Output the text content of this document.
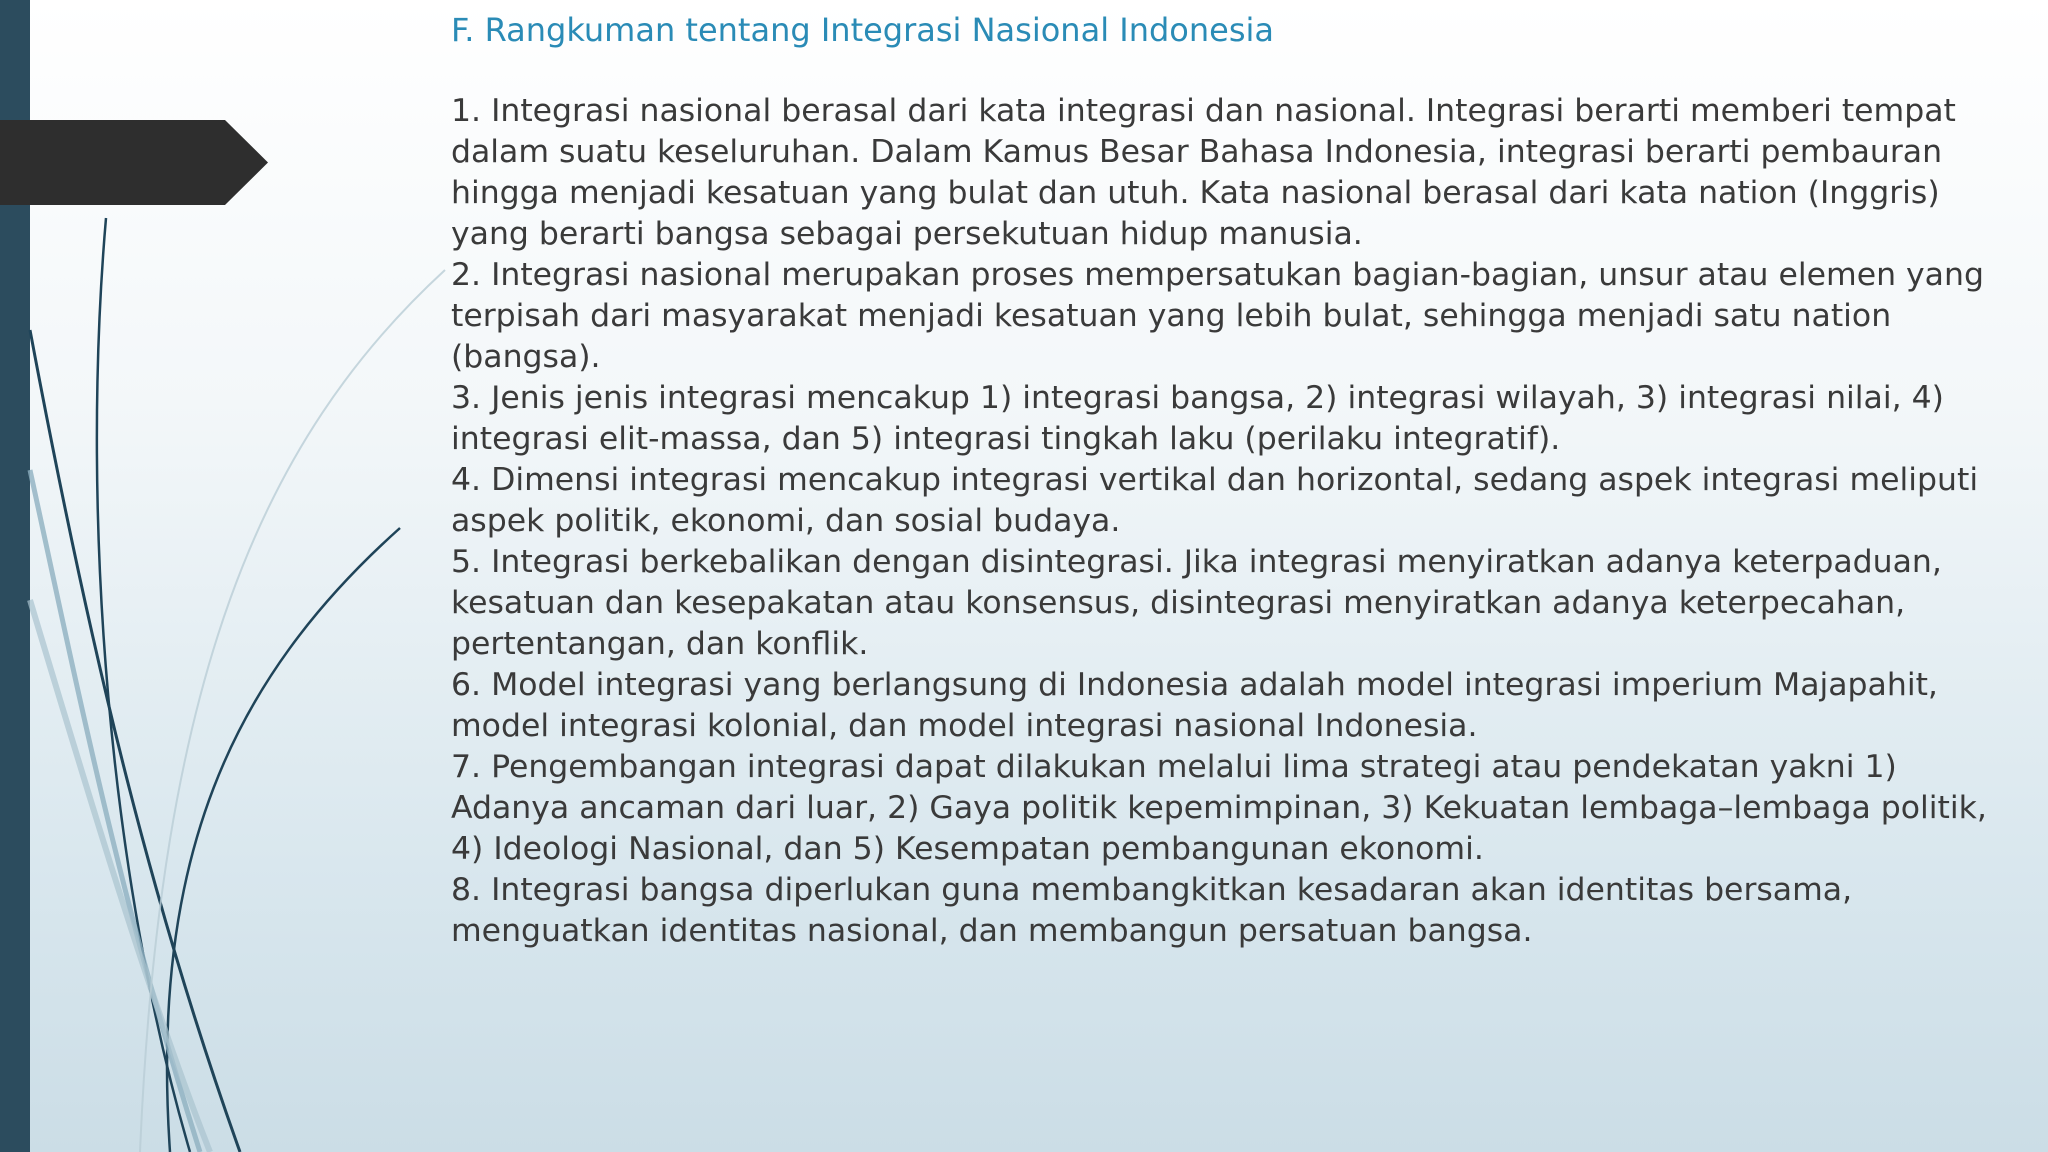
F. Rangkuman tentang Integrasi Nasional Indonesia
1. Integrasi nasional berasal dari kata integrasi dan nasional. Integrasi berarti memberi tempat
dalam suatu keseluruhan. Dalam Kamus Besar Bahasa Indonesia, integrasi berarti pembauran
hingga menjadi kesatuan yang bulat dan utuh. Kata nasional berasal dari kata nation (Inggris)
yang berarti bangsa sebagai persekutuan hidup manusia.
2. Integrasi nasional merupakan proses mempersatukan bagian-bagian, unsur atau elemen yang
terpisah dari masyarakat menjadi kesatuan yang lebih bulat, sehingga menjadi satu nation
(bangsa).
3. Jenis jenis integrasi mencakup 1) integrasi bangsa, 2) integrasi wilayah, 3) integrasi nilai, 4)
integrasi elit-massa, dan 5) integrasi tingkah laku (perilaku integratif).
4. Dimensi integrasi mencakup integrasi vertikal dan horizontal, sedang aspek integrasi meliputi
aspek politik, ekonomi, dan sosial budaya.
5. Integrasi berkebalikan dengan disintegrasi. Jika integrasi menyiratkan adanya keterpaduan,
kesatuan dan kesepakatan atau konsensus, disintegrasi menyiratkan adanya keterpecahan,
pertentangan, dan konflik.
6. Model integrasi yang berlangsung di Indonesia adalah model integrasi imperium Majapahit,
model integrasi kolonial, dan model integrasi nasional Indonesia.
7. Pengembangan integrasi dapat dilakukan melalui lima strategi atau pendekatan yakni 1)
Adanya ancaman dari luar, 2) Gaya politik kepemimpinan, 3) Kekuatan lembaga–lembaga politik,
4) Ideologi Nasional, dan 5) Kesempatan pembangunan ekonomi.
8. Integrasi bangsa diperlukan guna membangkitkan kesadaran akan identitas bersama,
menguatkan identitas nasional, dan membangun persatuan bangsa.
